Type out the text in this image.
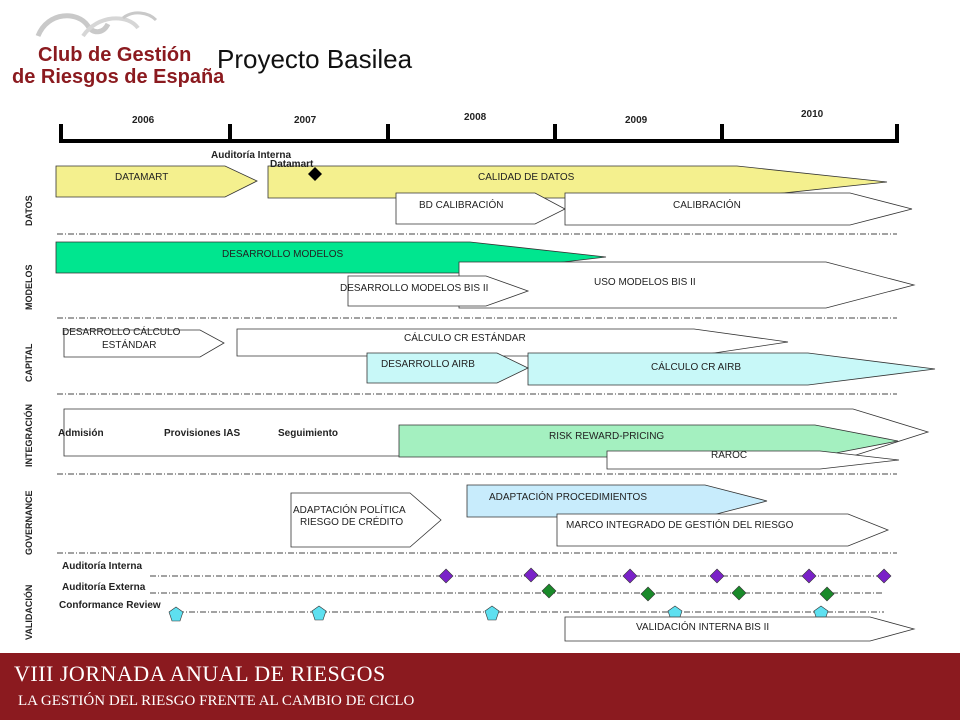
Club de Gestión
de Riesgos de España
Proyecto Basilea
2006	2007	2008	2009
2010
DATOS
MODELOS
CAPITAL
INTEGRACIÓN
GOVERNANCE
VALIDACIÓN
Auditoría Interna
Datamart
DATAMART	CALIDAD DE DATOS
BD CALIBRACIÓN	CALIBRACIÓN
DESARROLLO MODELOS
USO MODELOS BIS II
DESARROLLO MODELOS BIS II
DESARROLLO CÁLCULO
ESTÁNDAR
CÁLCULO CR ESTÁNDAR
DESARROLLO AIRB	CÁLCULO CR AIRB
Admisión	Provisiones IAS	Seguimiento	RISK REWARD-PRICING
RAROC
ADAPTACIÓN POLÍTICA
RIESGO DE CRÉDITO
ADAPTACIÓN PROCEDIMIENTOS
MARCO INTEGRADO DE GESTIÓN DEL RIESGO
Auditoría Interna
Auditoría Externa
Conformance Review
VALIDACIÓN INTERNA BIS II
VIII JORNADA ANUAL DE RIESGOS
LA GESTIÓN DEL RIESGO FRENTE AL CAMBIO DE CICLO
